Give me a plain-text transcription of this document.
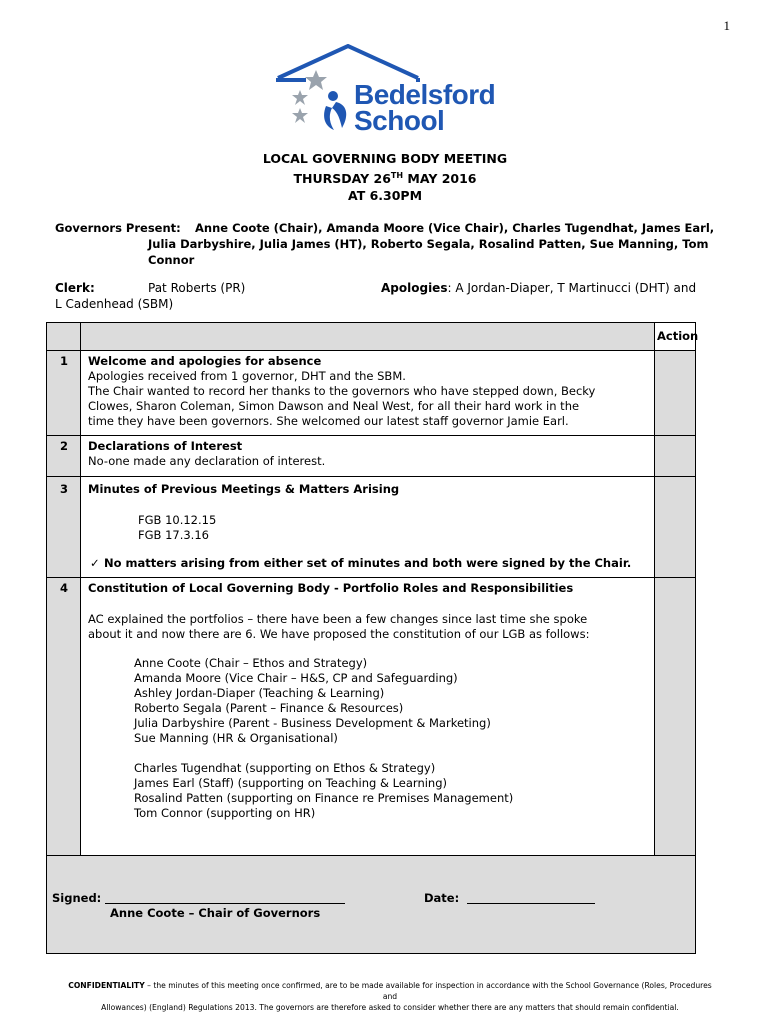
1
Bedelsford
School
LOCAL GOVERNING BODY MEETING
THURSDAY 26TH MAY 2016
AT 6.30PM
Governors Present: Anne Coote (Chair), Amanda Moore (Vice Chair), Charles Tugendhat, James Earl,
Julia Darbyshire, Julia James (HT), Roberto Segala, Rosalind Patten, Sue Manning, Tom
Connor
Clerk:	Pat Roberts (PR)	Apologies: A Jordan-Diaper, T Martinucci (DHT) and
L Cadenhead (SBM)
Action
1	Welcome and apologies for absence
Apologies received from 1 governor, DHT and the SBM.
The Chair wanted to record her thanks to the governors who have stepped down, Becky
Clowes, Sharon Coleman, Simon Dawson and Neal West, for all their hard work in the
time they have been governors. She welcomed our latest staff governor Jamie Earl.
2	Declarations of Interest
No-one made any declaration of interest.
3	Minutes of Previous Meetings & Matters Arising
FGB 10.12.15
FGB 17.3.16
✓ No matters arising from either set of minutes and both were signed by the Chair.
4	Constitution of Local Governing Body - Portfolio Roles and Responsibilities
AC explained the portfolios – there have been a few changes since last time she spoke
about it and now there are 6. We have proposed the constitution of our LGB as follows:
Anne Coote (Chair – Ethos and Strategy)
Amanda Moore (Vice Chair – H&S, CP and Safeguarding)
Ashley Jordan-Diaper (Teaching & Learning)
Roberto Segala (Parent – Finance & Resources)
Julia Darbyshire (Parent - Business Development & Marketing)
Sue Manning (HR & Organisational)
Charles Tugendhat (supporting on Ethos & Strategy)
James Earl (Staff) (supporting on Teaching & Learning)
Rosalind Patten (supporting on Finance re Premises Management)
Tom Connor (supporting on HR)
Signed:	Date:
Anne Coote – Chair of Governors
CONFIDENTIALITY – the minutes of this meeting once confirmed, are to be made available for inspection in accordance with the School Governance (Roles, Procedures and
Allowances) (England) Regulations 2013. The governors are therefore asked to consider whether there are any matters that should remain confidential.
